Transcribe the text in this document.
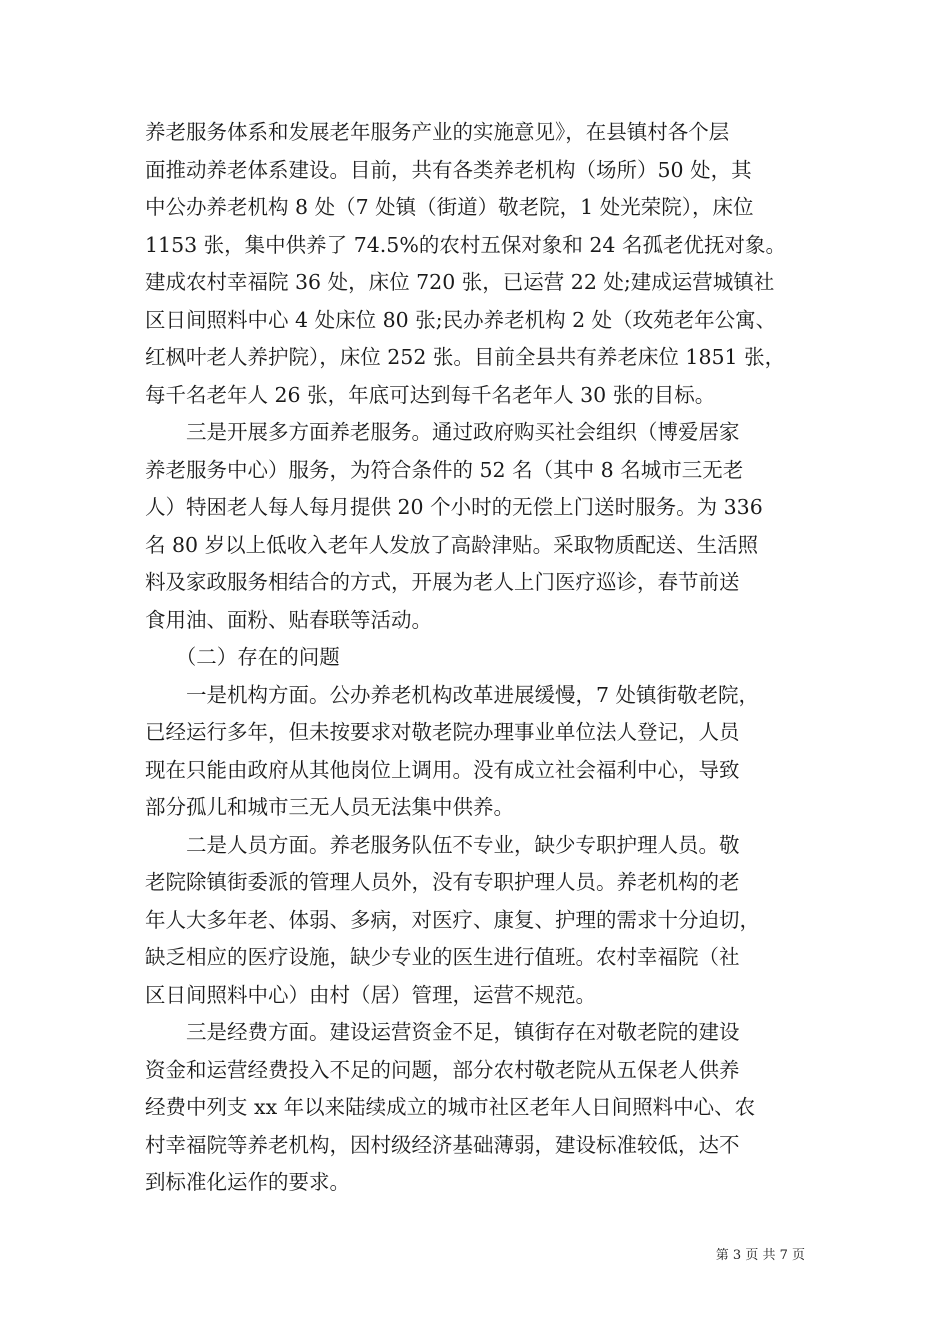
养老服务体系和发展老年服务产业的实施意见》，在县镇村各个层
面推动养老体系建设。目前，共有各类养老机构（场所）50 处，其
中公办养老机构 8 处（7 处镇（街道）敬老院，1 处光荣院），床位
1153 张，集中供养了 74.5%的农村五保对象和 24 名孤老优抚对象。
建成农村幸福院 36 处，床位 720 张，已运营 22 处;建成运营城镇社
区日间照料中心 4 处床位 80 张;民办养老机构 2 处（玫苑老年公寓、
红枫叶老人养护院），床位 252 张。目前全县共有养老床位 1851 张，
每千名老年人 26 张，年底可达到每千名老年人 30 张的目标。
　　三是开展多方面养老服务。通过政府购买社会组织（博爱居家
养老服务中心）服务，为符合条件的 52 名（其中 8 名城市三无老
人）特困老人每人每月提供 20 个小时的无偿上门送时服务。为 336
名 80 岁以上低收入老年人发放了高龄津贴。采取物质配送、生活照
料及家政服务相结合的方式，开展为老人上门医疗巡诊，春节前送
食用油、面粉、贴春联等活动。
　　（二）存在的问题
　　一是机构方面。公办养老机构改革进展缓慢，7 处镇街敬老院，
已经运行多年，但未按要求对敬老院办理事业单位法人登记，人员
现在只能由政府从其他岗位上调用。没有成立社会福利中心，导致
部分孤儿和城市三无人员无法集中供养。
　　二是人员方面。养老服务队伍不专业，缺少专职护理人员。敬
老院除镇街委派的管理人员外，没有专职护理人员。养老机构的老
年人大多年老、体弱、多病，对医疗、康复、护理的需求十分迫切，
缺乏相应的医疗设施，缺少专业的医生进行值班。农村幸福院（社
区日间照料中心）由村（居）管理，运营不规范。
　　三是经费方面。建设运营资金不足，镇街存在对敬老院的建设
资金和运营经费投入不足的问题，部分农村敬老院从五保老人供养
经费中列支 xx 年以来陆续成立的城市社区老年人日间照料中心、农
村幸福院等养老机构，因村级经济基础薄弱，建设标准较低，达不
到标准化运作的要求。
第 3 页 共 7 页
